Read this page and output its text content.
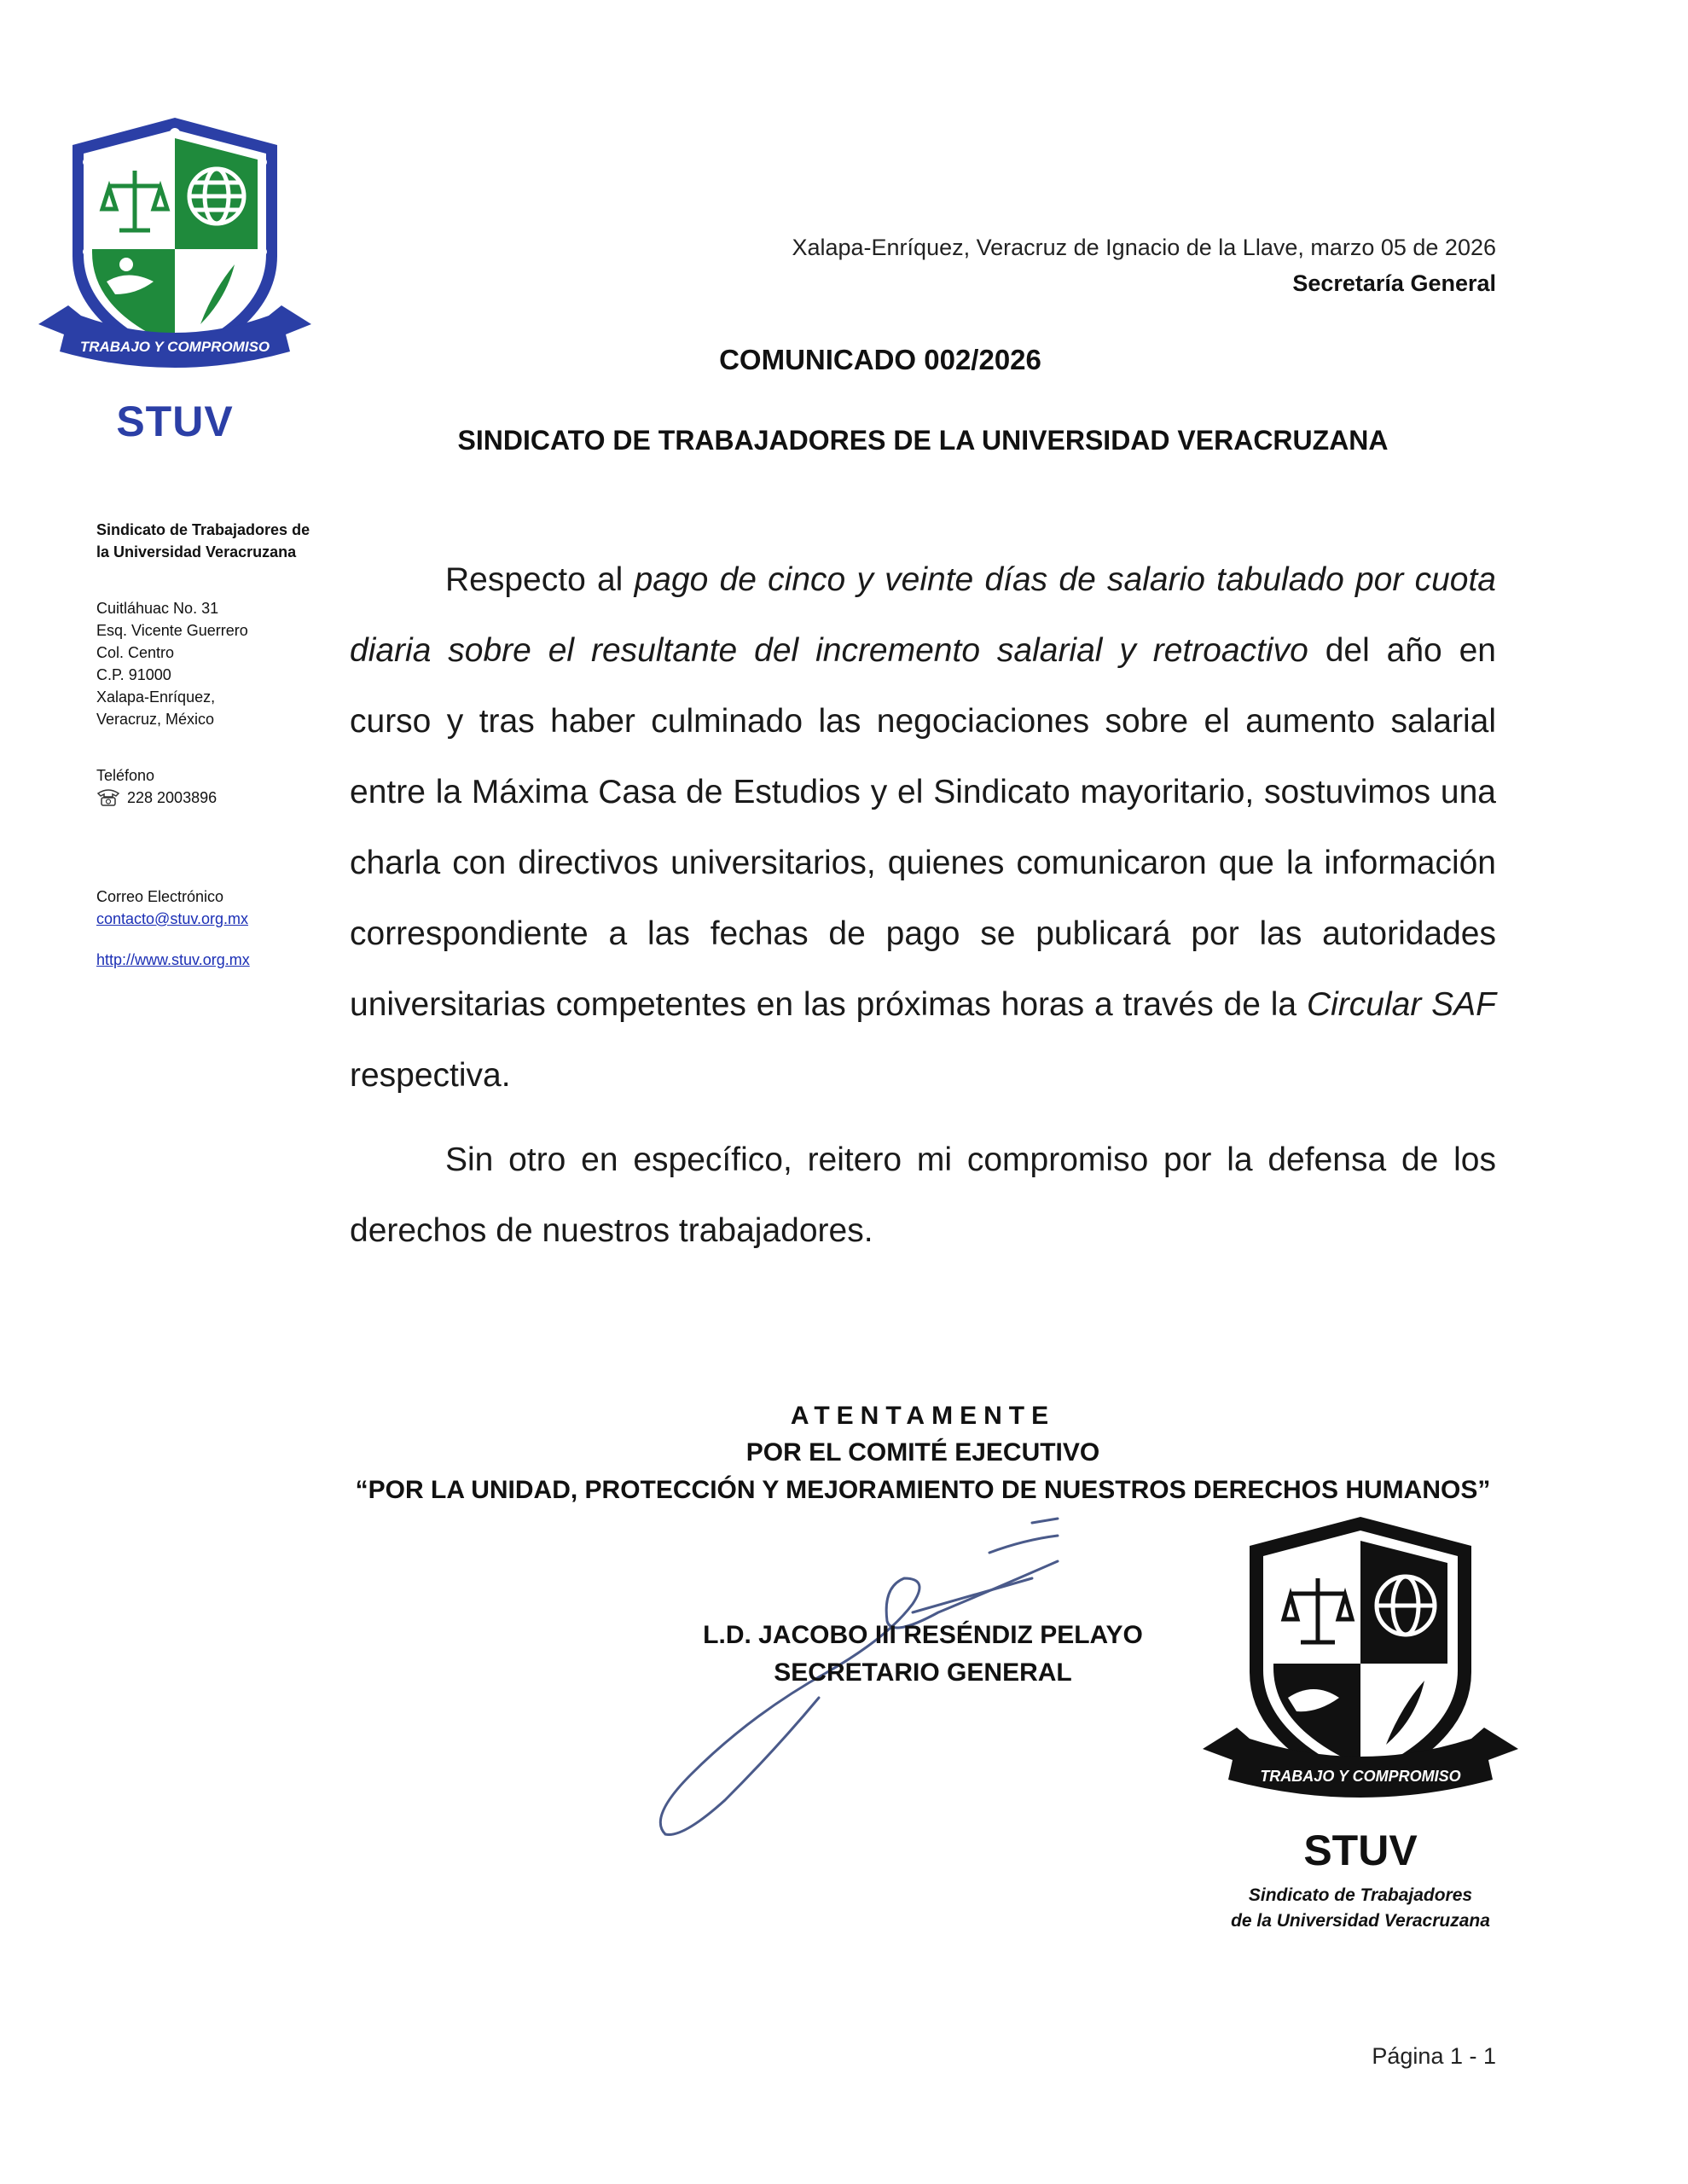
TRABAJO Y COMPROMISO
STUV
Sindicato de Trabajadores de la Universidad Veracruzana
Cuitláhuac No. 31
Esq. Vicente Guerrero
Col. Centro
C.P. 91000
Xalapa-Enríquez,
Veracruz, México
Teléfono
228 2003896
Correo Electrónico
contacto@stuv.org.mx
http://www.stuv.org.mx
Xalapa-Enríquez, Veracruz de Ignacio de la Llave, marzo 05 de 2026
Secretaría General
COMUNICADO 002/2026
SINDICATO DE TRABAJADORES DE LA UNIVERSIDAD VERACRUZANA

Respecto al pago de cinco y veinte días de salario tabulado por cuota diaria sobre el resultante del incremento salarial y retroactivo del año en curso y tras haber culminado las negociaciones sobre el aumento salarial entre la Máxima Casa de Estudios y el Sindicato mayoritario, sostuvimos una charla con directivos universitarios, quienes comunicaron que la información correspondiente a las fechas de pago se publicará por las autoridades universitarias competentes en las próximas horas a través de la Circular SAF respectiva.

Sin otro en específico, reitero mi compromiso por la defensa de los derechos de nuestros trabajadores.

ATENTAMENTE
POR EL COMITÉ EJECUTIVO
“POR LA UNIDAD, PROTECCIÓN Y MEJORAMIENTO DE NUESTROS DERECHOS HUMANOS”
L.D. JACOBO III RESÉNDIZ PELAYO
SECRETARIO GENERAL
TRABAJO Y COMPROMISO
STUV
Sindicato de Trabajadores
de la Universidad Veracruzana
Página 1 - 1
